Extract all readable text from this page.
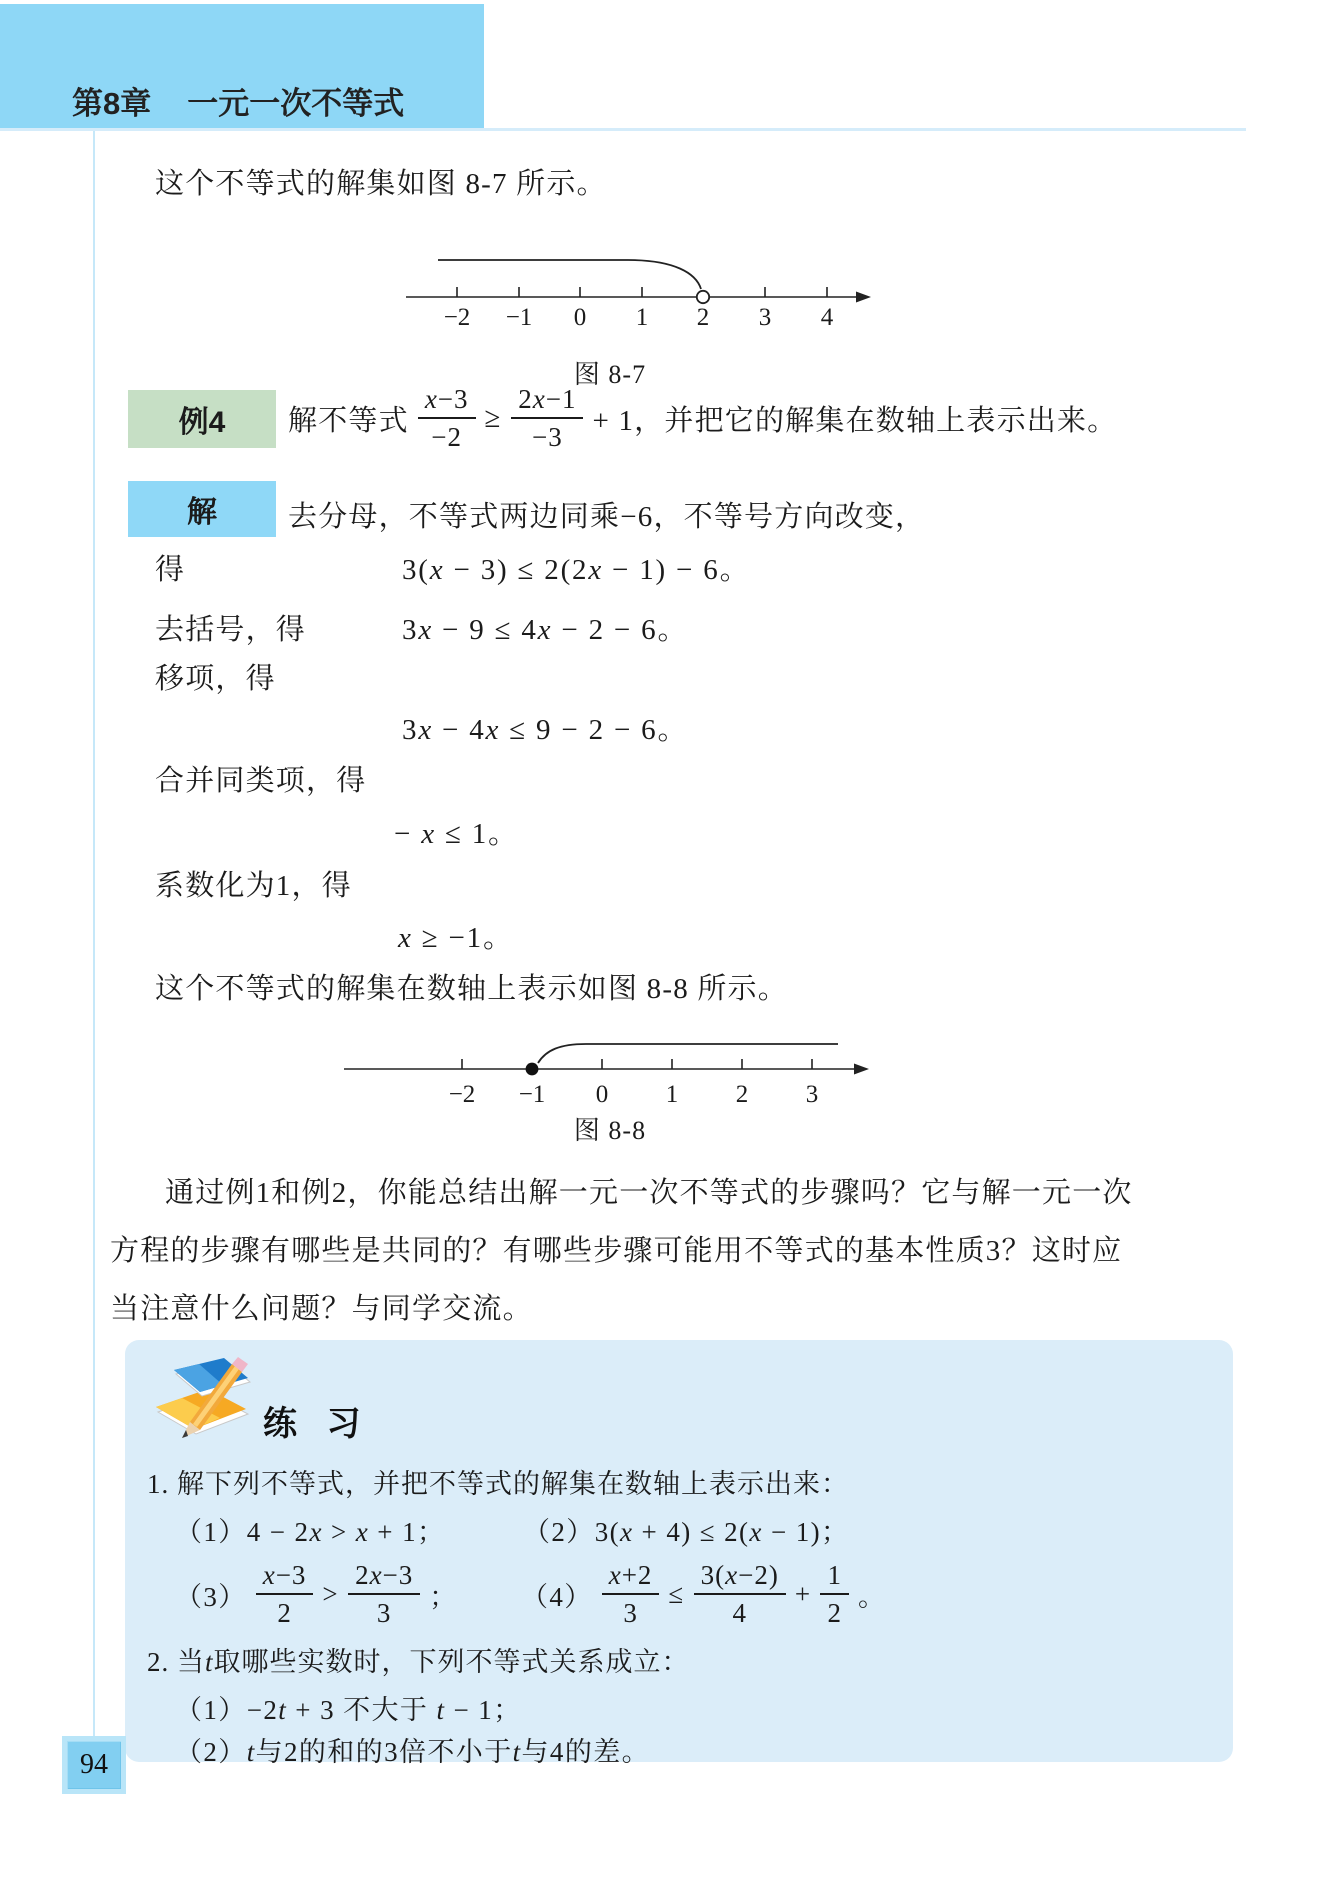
第8章 一元一次不等式
这个不等式的解集如图 8-7 所示。
−2 −1 0 1 2 3 4
图 8-7
例4 解不等式 $\frac{x-3}{-2} \ge \frac{2x-1}{-3} + 1$，并把它的解集在数轴上表示出来。
解 去分母，不等式两边同乘−6，不等号方向改变，
得	3(x − 3) ≤ 2(2x − 1) − 6。
去括号，得	3x − 9 ≤ 4x − 2 − 6。
移项，得
3x − 4x ≤ 9 − 2 − 6。
合并同类项，得
− x ≤ 1。
系数化为1，得
x ≥ −1。
这个不等式的解集在数轴上表示如图 8-8 所示。
−2 −1 0 1 2 3
图 8-8
通过例1和例2，你能总结出解一元一次不等式的步骤吗？它与解一元一次
方程的步骤有哪些是共同的？有哪些步骤可能用不等式的基本性质3？这时应
当注意什么问题？与同学交流。
练 习
1. 解下列不等式，并把不等式的解集在数轴上表示出来：
（1）4 − 2x > x + 1；	（2）3(x + 4) ≤ 2(x − 1)；
$(3) \frac{x-3}{2} > \frac{2x-3}{3}$ ； $(4) \frac{x+2}{3} \le \frac{3(x-2)}{4} + \frac{1}{2}$ 。
2. 当t取哪些实数时，下列不等式关系成立：
（1）−2t + 3 不大于 t − 1；
（2）t与2的和的3倍不小于t与4的差。
94
